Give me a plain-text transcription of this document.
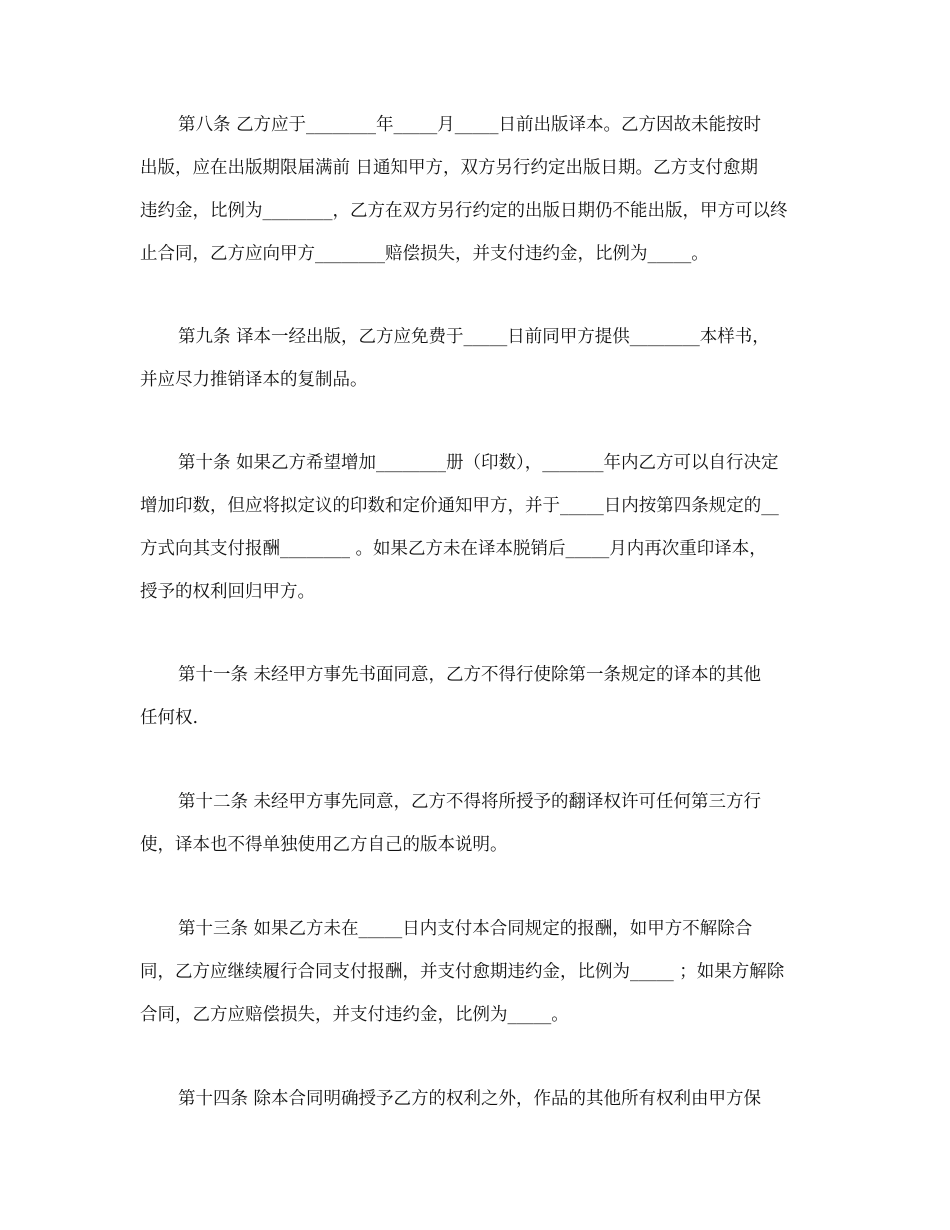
第八条 乙方应于________年_____月_____日前出版译本。乙方因故未能按时
出版，应在出版期限届满前 日通知甲方，双方另行约定出版日期。乙方支付愈期
违约金，比例为________，乙方在双方另行约定的出版日期仍不能出版，甲方可以终
止合同，乙方应向甲方________赔偿损失，并支付违约金，比例为_____。
第九条 译本一经出版，乙方应免费于_____日前同甲方提供________本样书，
并应尽力推销译本的复制品。
第十条 如果乙方希望增加________册（印数），_______年内乙方可以自行决定
增加印数，但应将拟定议的印数和定价通知甲方，并于_____日内按第四条规定的__
方式向其支付报酬________ 。如果乙方未在译本脱销后_____月内再次重印译本，
授予的权利回归甲方。
第十一条 未经甲方事先书面同意，乙方不得行使除第一条规定的译本的其他
任何权.
第十二条 未经甲方事先同意，乙方不得将所授予的翻译权许可任何第三方行
使，译本也不得单独使用乙方自己的版本说明。
第十三条 如果乙方未在_____日内支付本合同规定的报酬，如甲方不解除合
同，乙方应继续履行合同支付报酬，并支付愈期违约金，比例为_____ ；如果方解除
合同，乙方应赔偿损失，并支付违约金，比例为_____。
第十四条 除本合同明确授予乙方的权利之外，作品的其他所有权利由甲方保
